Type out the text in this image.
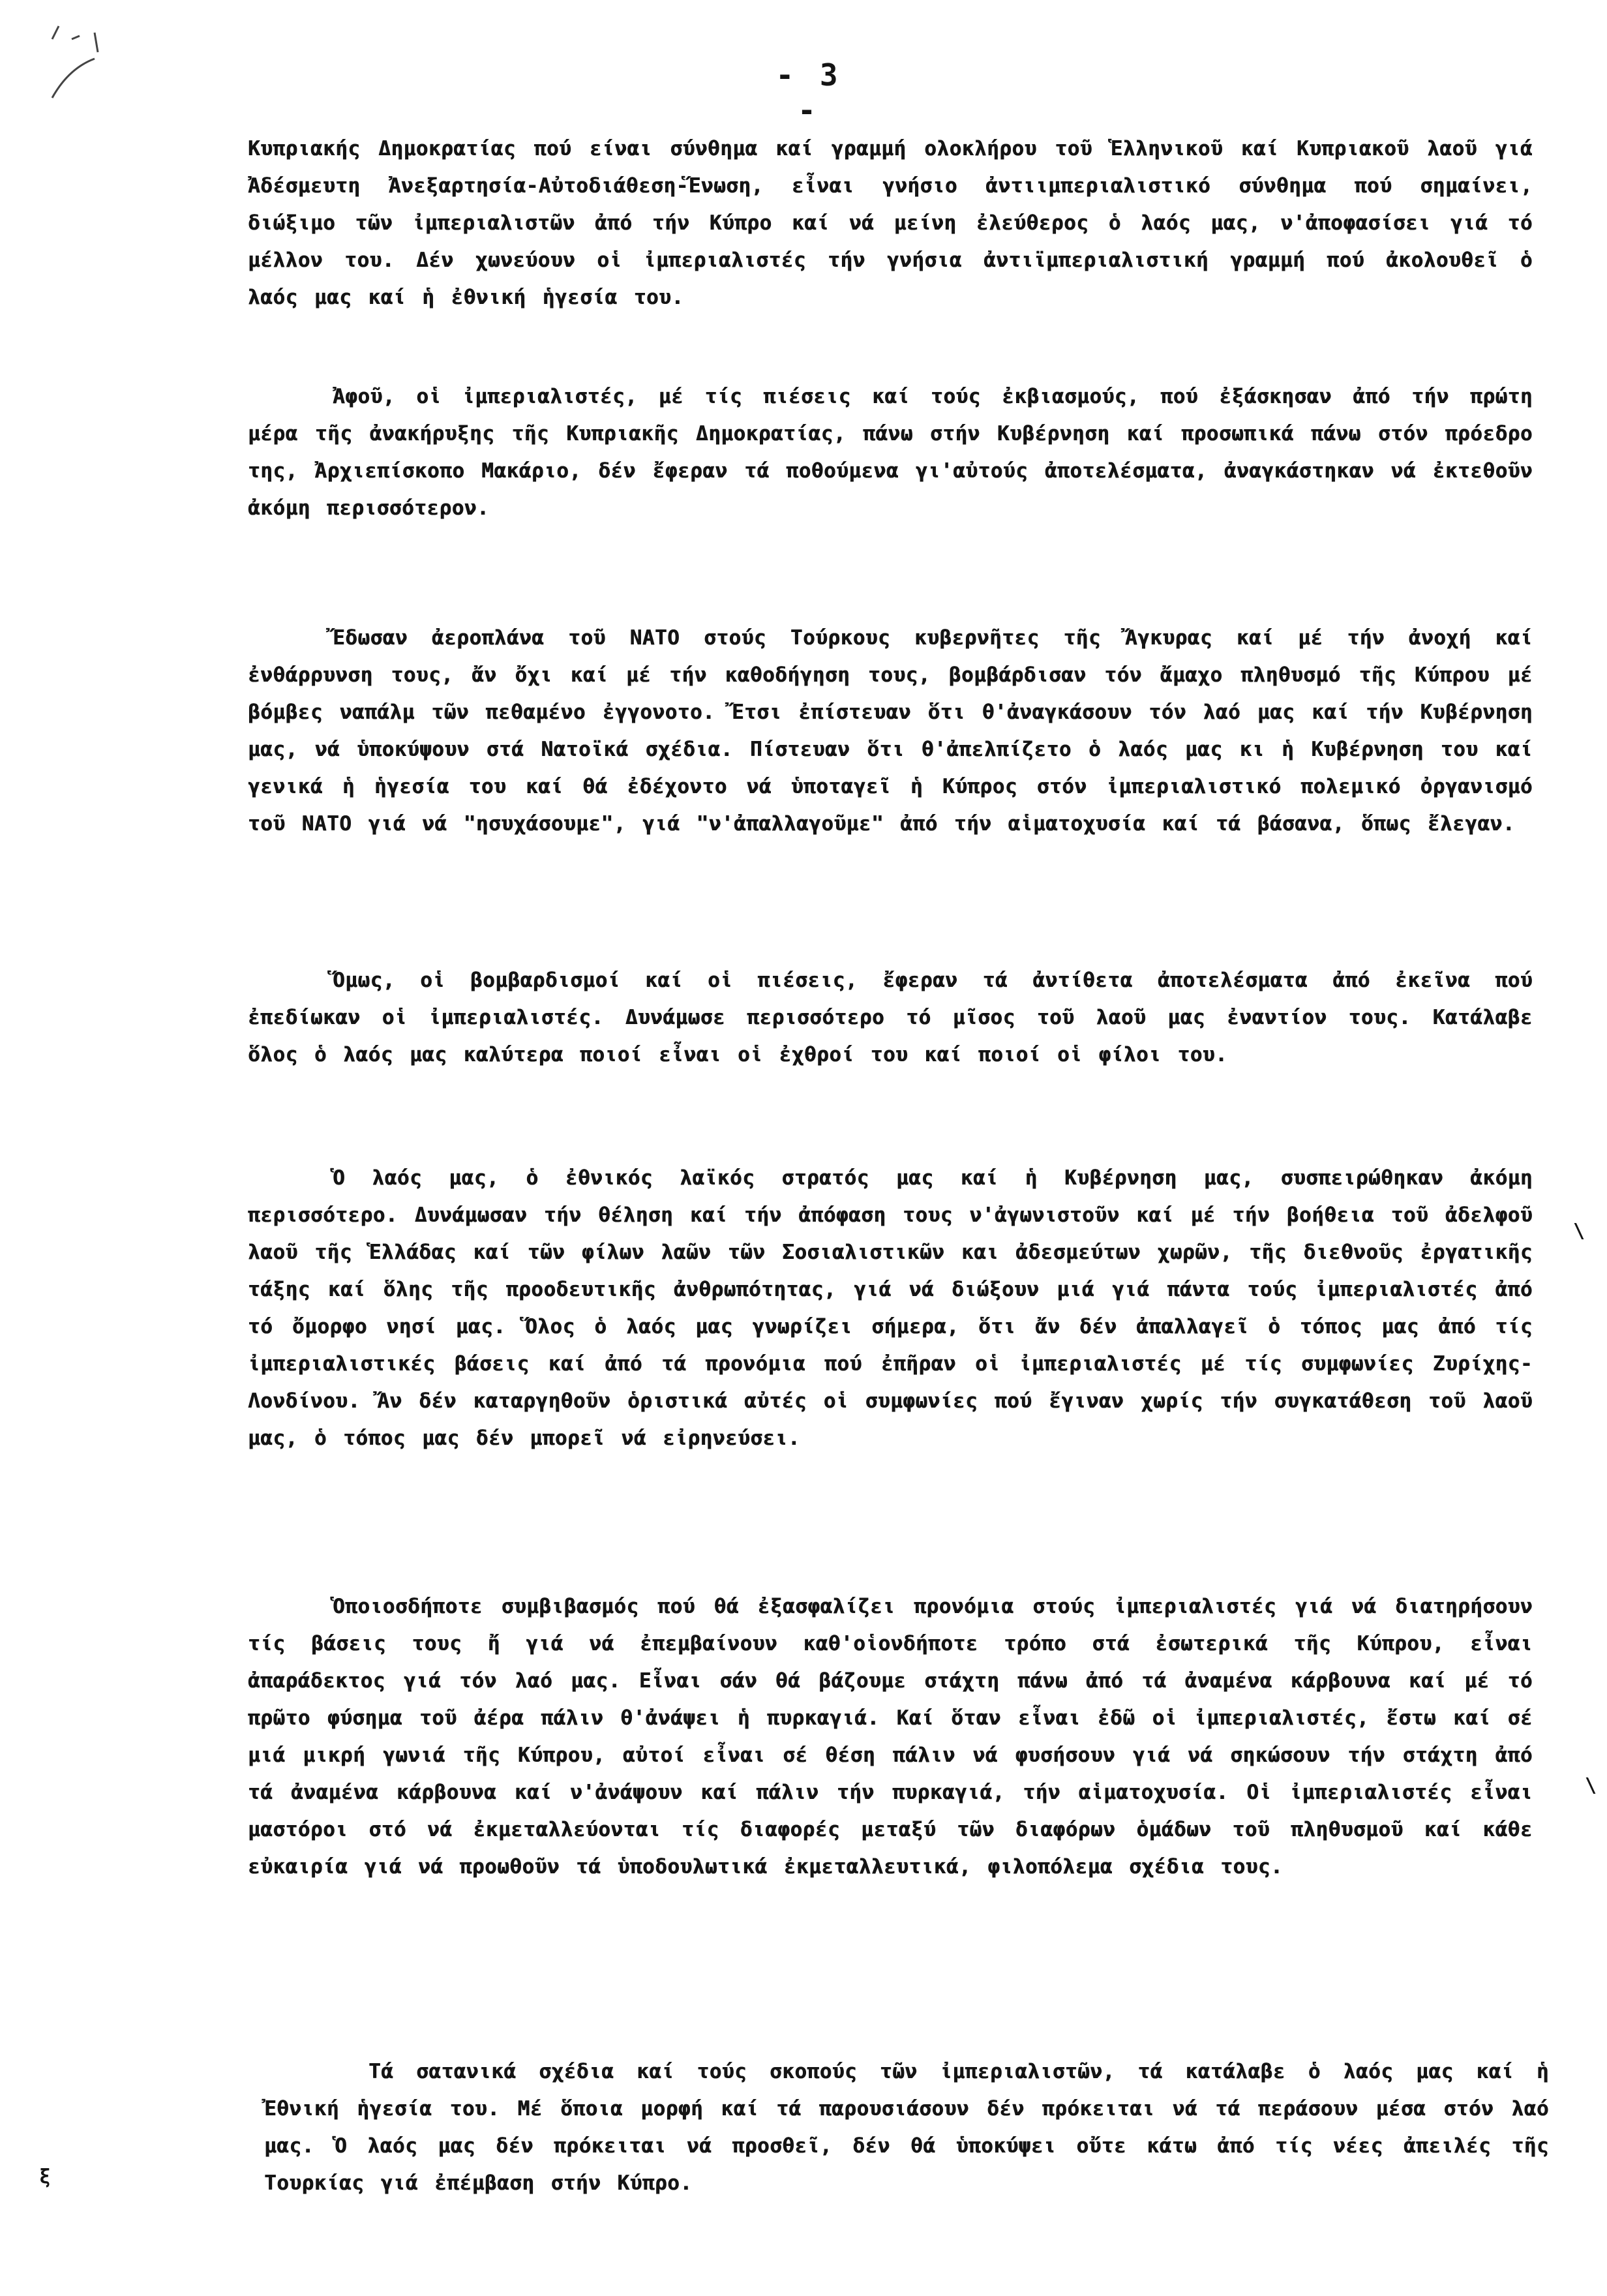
- 3 -
Κυπριακής Δημοκρατίας πού είναι σύνθημα καί γραμμή ολοκλήρου τοῦ Ἑλληνικοῦ καί Κυπριακοῦ λαοῦ γιά Ἀδέσμευτη Ἀνεξαρτησία-Αὐτοδιάθεση-Ἕνωση, εἶναι γνήσιο ἀντιιμπεριαλιστικό σύνθημα πού σημαίνει, διώξιμο τῶν ἰμπεριαλιστῶν ἀπό τήν Κύπρο καί νά μείνη ἐλεύθερος ὁ λαός μας, ν'ἀποφασίσει γιά τό μέλλον του. Δέν χωνεύουν οἱ ἰμπεριαλιστές τήν γνήσια ἀντιϊμπεριαλιστική γραμμή πού ἀκολουθεῖ ὁ λαός μας καί ἡ ἐθνική ἡγεσία του.
Ἀφοῦ, οἱ ἰμπεριαλιστές, μέ τίς πιέσεις καί τούς ἐκβιασμούς, πού ἐξάσκησαν ἀπό τήν πρώτη μέρα τῆς ἀνακήρυξης τῆς Κυπριακῆς Δημοκρατίας, πάνω στήν Κυβέρνηση καί προσωπικά πάνω στόν πρόεδρο της, Ἀρχιεπίσκοπο Μακάριο, δέν ἔφεραν τά ποθούμενα γι'αὐτούς ἀποτελέσματα, ἀναγκάστηκαν νά ἐκτεθοῦν ἀκόμη περισσότερον.
Ἔδωσαν ἀεροπλάνα τοῦ ΝΑΤΟ στούς Τούρκους κυβερνῆτες τῆς Ἄγκυρας καί μέ τήν ἀνοχή καί ἐνθάρρυνση τους, ἄν ὄχι καί μέ τήν καθοδήγηση τους, βομβάρδισαν τόν ἄμαχο πληθυσμό τῆς Κύπρου μέ βόμβες ναπάλμ τῶν πεθαμένο ἐγγονοτο. Ἔτσι ἐπίστευαν ὅτι θ'ἀναγκάσουν τόν λαό μας καί τήν Κυβέρνηση μας, νά ὑποκύψουν στά Νατοϊκά σχέδια. Πίστευαν ὅτι θ'ἀπελπίζετο ὁ λαός μας κι ἡ Κυβέρνηση του καί γενικά ἡ ἡγεσία του καί θά ἐδέχοντο νά ὑποταγεῖ ἡ Κύπρος στόν ἰμπεριαλιστικό πολεμικό ὀργανισμό τοῦ ΝΑΤΟ γιά νά "ησυχάσουμε", γιά "ν'ἀπαλλαγοῦμε" ἀπό τήν αἱματοχυσία καί τά βάσανα, ὅπως ἔλεγαν.
Ὅμως, οἱ βομβαρδισμοί καί οἱ πιέσεις, ἔφεραν τά ἀντίθετα ἀποτελέσματα ἀπό ἐκεῖνα πού ἐπεδίωκαν οἱ ἰμπεριαλιστές. Δυνάμωσε περισσότερο τό μῖσος τοῦ λαοῦ μας ἐναντίον τους. Κατάλαβε ὅλος ὁ λαός μας καλύτερα ποιοί εἶναι οἱ ἐχθροί του καί ποιοί οἱ φίλοι του.
Ὁ λαός μας, ὁ ἐθνικός λαϊκός στρατός μας καί ἡ Κυβέρνηση μας, συσπειρώθηκαν ἀκόμη περισσότερο. Δυνάμωσαν τήν θέληση καί τήν ἀπόφαση τους ν'ἀγωνιστοῦν καί μέ τήν βοήθεια τοῦ ἀδελφοῦ λαοῦ τῆς Ἑλλάδας καί τῶν φίλων λαῶν τῶν Σοσιαλιστικῶν και ἀδεσμεύτων χωρῶν, τῆς διεθνοῦς ἐργατικῆς τάξης καί ὅλης τῆς προοδευτικῆς ἀνθρωπότητας, γιά νά διώξουν μιά γιά πάντα τούς ἰμπεριαλιστές ἀπό τό ὄμορφο νησί μας. Ὅλος ὁ λαός μας γνωρίζει σήμερα, ὅτι ἄν δέν ἀπαλλαγεῖ ὁ τόπος μας ἀπό τίς ἰμπεριαλιστικές βάσεις καί ἀπό τά προνόμια πού ἐπῆραν οἱ ἰμπεριαλιστές μέ τίς συμφωνίες Ζυρίχης-Λονδίνου. Ἄν δέν καταργηθοῦν ὁριστικά αὐτές οἱ συμφωνίες πού ἔγιναν χωρίς τήν συγκατάθεση τοῦ λαοῦ μας, ὁ τόπος μας δέν μπορεῖ νά εἰρηνεύσει.
Ὁποιοσδήποτε συμβιβασμός πού θά ἐξασφαλίζει προνόμια στούς ἰμπεριαλιστές γιά νά διατηρήσουν τίς βάσεις τους ἤ γιά νά ἐπεμβαίνουν καθ'οἱονδήποτε τρόπο στά ἐσωτερικά τῆς Κύπρου, εἶναι ἀπαράδεκτος γιά τόν λαό μας. Εἶναι σάν θά βάζουμε στάχτη πάνω ἀπό τά ἀναμένα κάρβουνα καί μέ τό πρῶτο φύσημα τοῦ ἀέρα πάλιν θ'ἀνάψει ἡ πυρκαγιά. Καί ὅταν εἶναι ἐδῶ οἱ ἰμπεριαλιστές, ἔστω καί σέ μιά μικρή γωνιά τῆς Κύπρου, αὐτοί εἶναι σέ θέση πάλιν νά φυσήσουν γιά νά σηκώσουν τήν στάχτη ἀπό τά ἀναμένα κάρβουνα καί ν'ἀνάψουν καί πάλιν τήν πυρκαγιά, τήν αἱματοχυσία. Οἱ ἰμπεριαλιστές εἶναι μαστόροι στό νά ἐκμεταλλεύονται τίς διαφορές μεταξύ τῶν διαφόρων ὁμάδων τοῦ πληθυσμοῦ καί κάθε εὐκαιρία γιά νά προωθοῦν τά ὑποδουλωτικά ἐκμεταλλευτικά, φιλοπόλεμα σχέδια τους.
Τά σατανικά σχέδια καί τούς σκοπούς τῶν ἰμπεριαλιστῶν, τά κατάλαβε ὁ λαός μας καί ἡ Ἐθνική ἡγεσία του. Μέ ὅποια μορφή καί τά παρουσιάσουν δέν πρόκειται νά τά περάσουν μέσα στόν λαό μας. Ὁ λαός μας δέν πρόκειται νά προσθεῖ, δέν θά ὑποκύψει οὔτε κάτω ἀπό τίς νέες ἀπειλές τῆς Τουρκίας γιά ἐπέμβαση στήν Κύπρο.
\
\
ξ
